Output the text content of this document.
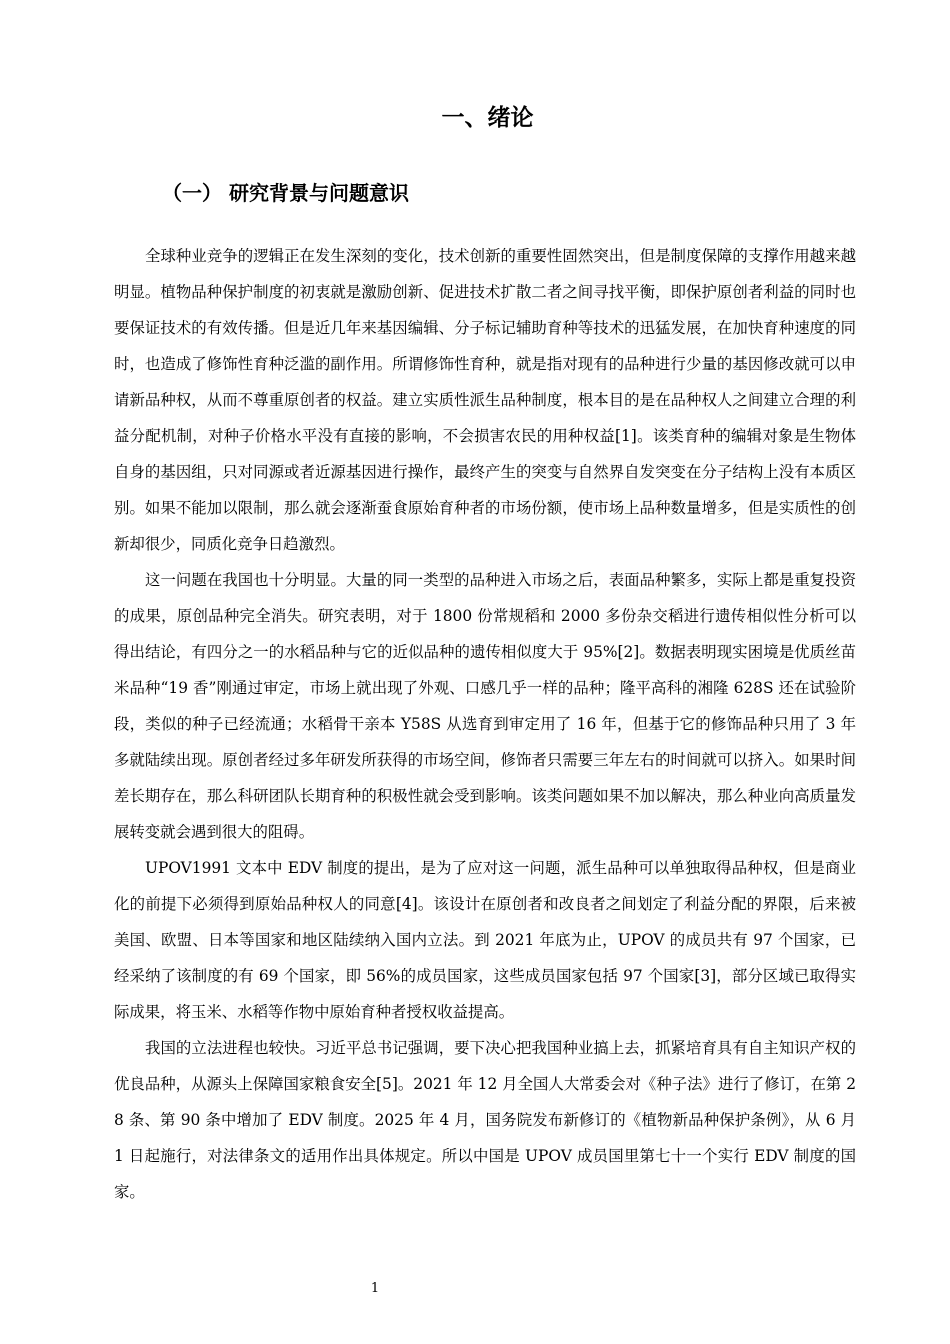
一、绪论
（一） 研究背景与问题意识

全球种业竞争的逻辑正在发生深刻的变化，技术创新的重要性固然突出，但是制度保障的支撑作用越来越明显。植物品种保护制度的初衷就是激励创新、促进技术扩散二者之间寻找平衡，即保护原创者利益的同时也要保证技术的有效传播。但是近几年来基因编辑、分子标记辅助育种等技术的迅猛发展，在加快育种速度的同时，也造成了修饰性育种泛滥的副作用。所谓修饰性育种，就是指对现有的品种进行少量的基因修改就可以申请新品种权，从而不尊重原创者的权益。建立实质性派生品种制度，根本目的是在品种权人之间建立合理的利益分配机制，对种子价格水平没有直接的影响，不会损害农民的用种权益[1]。该类育种的编辑对象是生物体自身的基因组，只对同源或者近源基因进行操作，最终产生的突变与自然界自发突变在分子结构上没有本质区别。如果不能加以限制，那么就会逐渐蚕食原始育种者的市场份额，使市场上品种数量增多，但是实质性的创新却很少，同质化竞争日趋激烈。

这一问题在我国也十分明显。大量的同一类型的品种进入市场之后，表面品种繁多，实际上都是重复投资的成果，原创品种完全消失。研究表明，对于 1800 份常规稻和 2000 多份杂交稻进行遗传相似性分析可以得出结论，有四分之一的水稻品种与它的近似品种的遗传相似度大于 95%[2]。数据表明现实困境是优质丝苗米品种“19 香”刚通过审定，市场上就出现了外观、口感几乎一样的品种；隆平高科的湘隆 628S 还在试验阶段，类似的种子已经流通；水稻骨干亲本 Y58S 从选育到审定用了 16 年，但基于它的修饰品种只用了 3 年多就陆续出现。原创者经过多年研发所获得的市场空间，修饰者只需要三年左右的时间就可以挤入。如果时间差长期存在，那么科研团队长期育种的积极性就会受到影响。该类问题如果不加以解决，那么种业向高质量发展转变就会遇到很大的阻碍。

UPOV1991 文本中 EDV 制度的提出，是为了应对这一问题，派生品种可以单独取得品种权，但是商业化的前提下必须得到原始品种权人的同意[4]。该设计在原创者和改良者之间划定了利益分配的界限，后来被美国、欧盟、日本等国家和地区陆续纳入国内立法。到 2021 年底为止，UPOV 的成员共有 97 个国家，已经采纳了该制度的有 69 个国家，即 56%的成员国家，这些成员国家包括 97 个国家[3]，部分区域已取得实际成果，将玉米、水稻等作物中原始育种者授权收益提高。

我国的立法进程也较快。习近平总书记强调，要下决心把我国种业搞上去，抓紧培育具有自主知识产权的优良品种，从源头上保障国家粮食安全[5]。2021 年 12 月全国人大常委会对《种子法》进行了修订，在第 28 条、第 90 条中增加了 EDV 制度。2025 年 4 月，国务院发布新修订的《植物新品种保护条例》，从 6 月 1 日起施行，对法律条文的适用作出具体规定。所以中国是 UPOV 成员国里第七十一个实行 EDV 制度的国家。

1
